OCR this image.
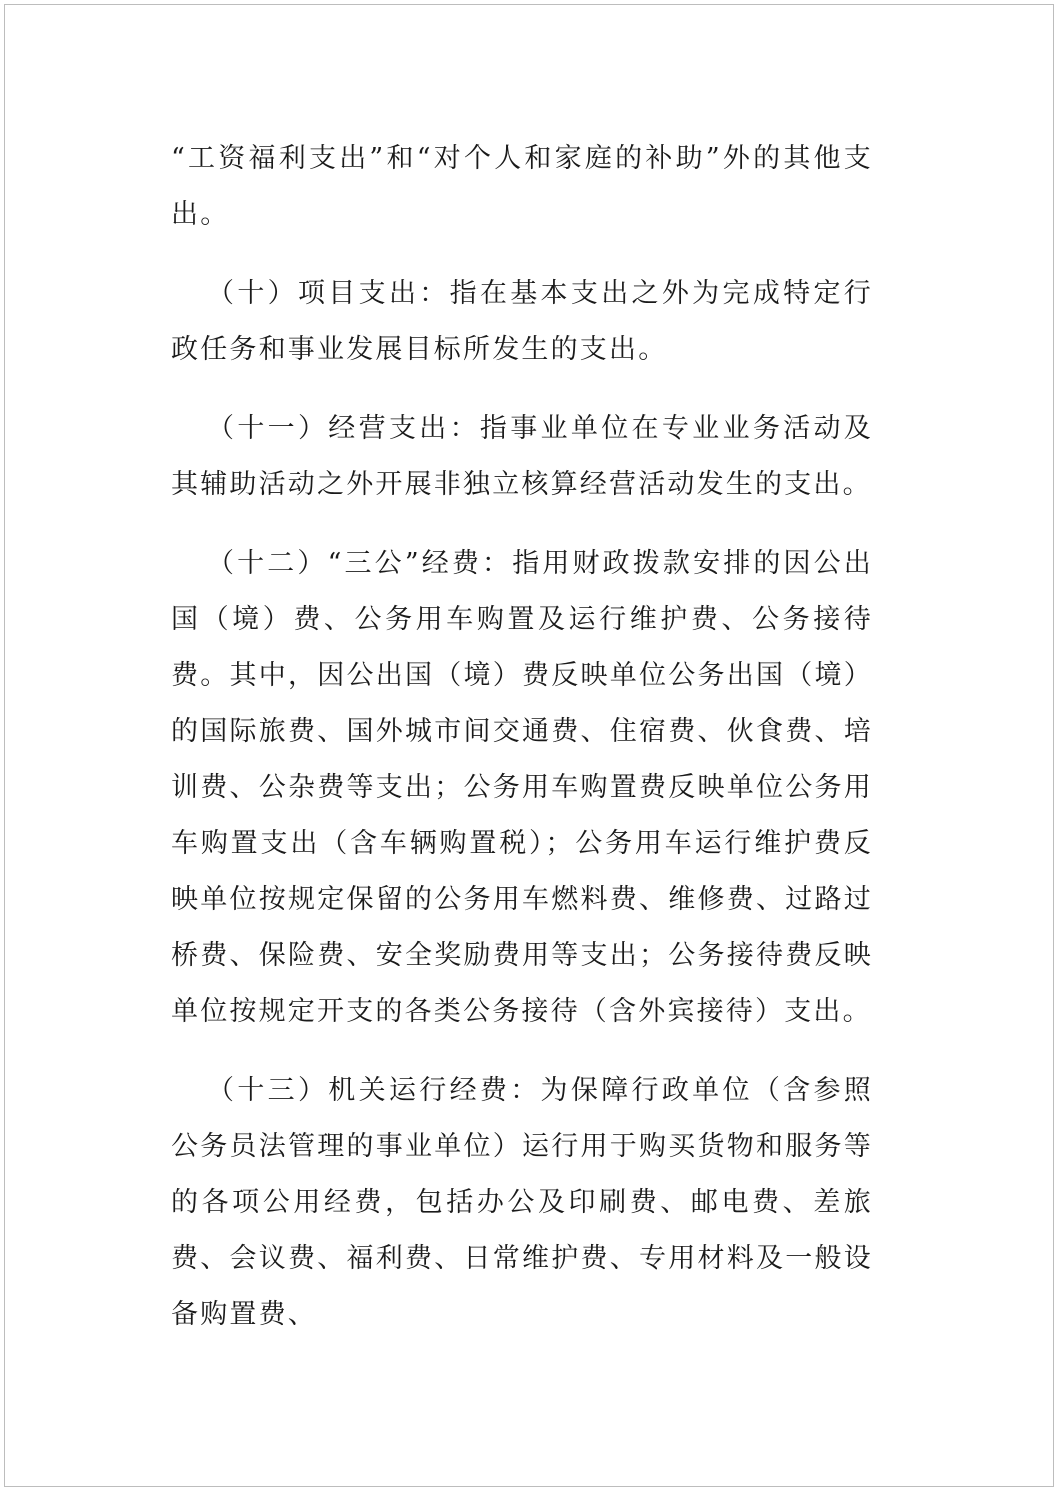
“工资福利支出”和“对个人和家庭的补助”外的其他支出。

（十）项目支出：指在基本支出之外为完成特定行政任务和事业发展目标所发生的支出。

（十一）经营支出：指事业单位在专业业务活动及其辅助活动之外开展非独立核算经营活动发生的支出。

（十二）“三公”经费：指用财政拨款安排的因公出国（境）费、公务用车购置及运行维护费、公务接待费。其中，因公出国（境）费反映单位公务出国（境）的国际旅费、国外城市间交通费、住宿费、伙食费、培训费、公杂费等支出；公务用车购置费反映单位公务用车购置支出（含车辆购置税）；公务用车运行维护费反映单位按规定保留的公务用车燃料费、维修费、过路过桥费、保险费、安全奖励费用等支出；公务接待费反映单位按规定开支的各类公务接待（含外宾接待）支出。

（十三）机关运行经费：为保障行政单位（含参照公务员法管理的事业单位）运行用于购买货物和服务等的各项公用经费，包括办公及印刷费、邮电费、差旅费、会议费、福利费、日常维护费、专用材料及一般设备购置费、
